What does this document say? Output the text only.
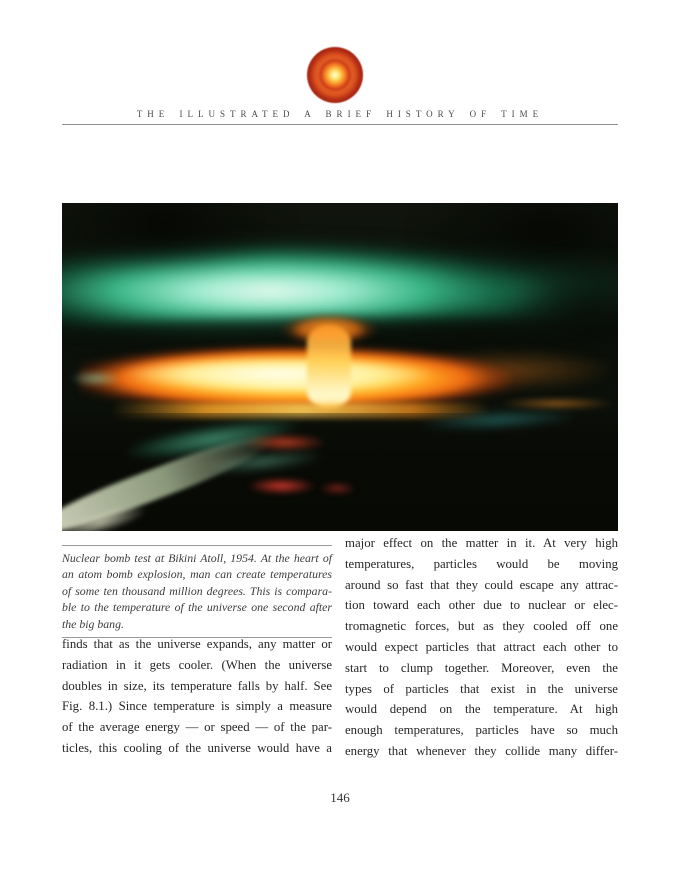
THE ILLUSTRATED A BRIEF HISTORY OF TIME
Nuclear bomb test at Bikini Atoll, 1954. At the heart of
an atom bomb explosion, man can create temperatures
of some ten thousand million degrees. This is compara-
ble to the temperature of the universe one second after
the big bang.
finds that as the universe expands, any matter or
radiation in it gets cooler. (When the universe
doubles in size, its temperature falls by half. See
Fig. 8.1.) Since temperature is simply a measure
of the average energy — or speed — of the par-
ticles, this cooling of the universe would have a
major effect on the matter in it. At very high
temperatures, particles would be moving
around so fast that they could escape any attrac-
tion toward each other due to nuclear or elec-
tromagnetic forces, but as they cooled off one
would expect particles that attract each other to
start to clump together. Moreover, even the
types of particles that exist in the universe
would depend on the temperature. At high
enough temperatures, particles have so much
energy that whenever they collide many differ-
146
